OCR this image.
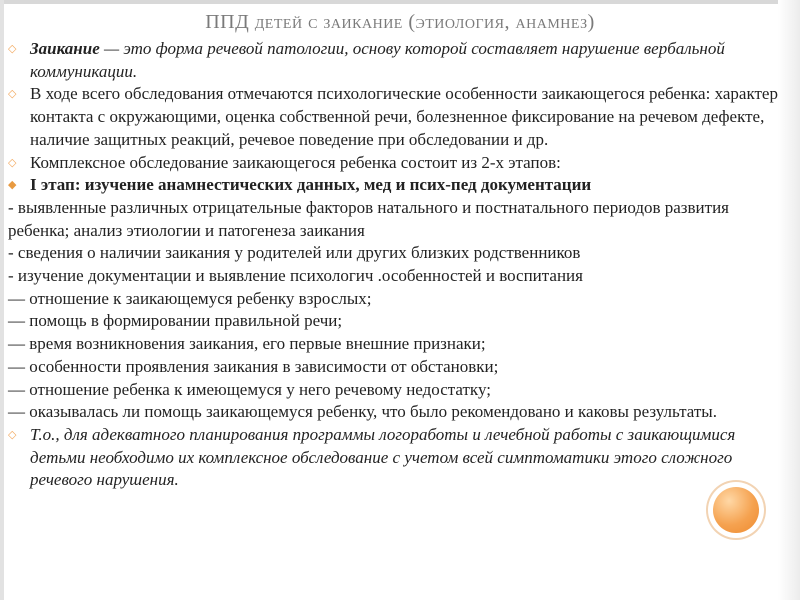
ППД детей с заикание (этиология, анамнез)
◇ Заикание — это форма речевой патологии, основу которой составляет нарушение вербальной коммуникации.
◇ В ходе всего обследования отмечаются психологические особенности заикающегося ребенка: характер контакта с окружающими, оценка собственной речи, болезненное фиксирование на речевом дефекте, наличие защитных реакций, речевое поведение при обследовании и др.
◇ Комплексное обследование заикающегося ребенка состоит из 2-х этапов:
◆ I этап: изучение анамнестических данных, мед и псих-пед документации

- выявленные различных отрицательные факторов натального и постнатального периодов развития ребенка; анализ этиологии и патогенеза заикания

- сведения о наличии заикания у родителей или других близких родственников

- изучение документации и выявление психологич .особенностей и воспитания

— отношение к заикающемуся ребенку взрослых;

— помощь в формировании правильной речи;

— время возникновения заикания, его первые внешние признаки;

— особенности проявления заикания в зависимости от обстановки;

— отношение ребенка к имеющемуся у него речевому недостатку;

— оказывалась ли помощь заикающемуся ребенку, что было рекомендовано и каковы результаты.

◇ Т.о., для адекватного планирования программы логоработы и лечебной работы с заикающимися детьми необходимо их комплексное обследование с учетом всей симптоматики этого сложного речевого нарушения.
